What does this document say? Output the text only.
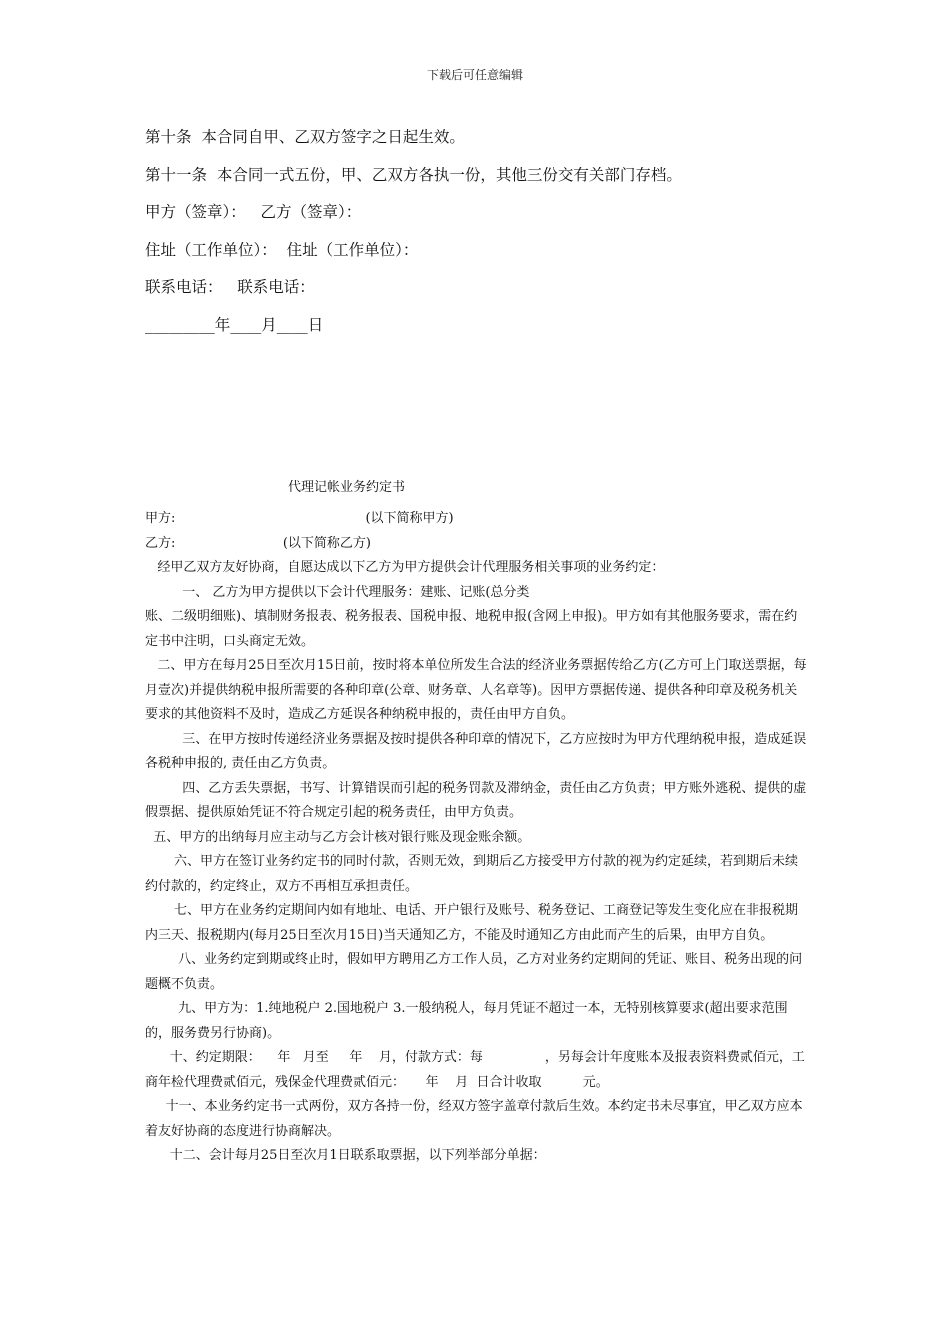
下载后可任意编辑

第十条  本合同自甲、乙双方签字之日起生效。

第十一条  本合同一式五份，甲、乙双方各执一份，其他三份交有关部门存档。

甲方（签章）：   乙方（签章）：

住址（工作单位）：  住址（工作单位）：

联系电话：   联系电话：

_________年____月____日

代理记帐业务约定书

甲方:                                              (以下简称甲方)

乙方:                          (以下简称乙方)

经甲乙双方友好协商，自愿达成以下乙方为甲方提供会计代理服务相关事项的业务约定：

一、 乙方为甲方提供以下会计代理服务：建账、记账(总分类

账、二级明细账)、填制财务报表、税务报表、国税申报、地税申报(含网上申报)。甲方如有其他服务要求，需在约定书中注明，口头商定无效。

二、甲方在每月25日至次月15日前，按时将本单位所发生合法的经济业务票据传给乙方(乙方可上门取送票据，每月壹次)并提供纳税申报所需要的各种印章(公章、财务章、人名章等)。因甲方票据传递、提供各种印章及税务机关要求的其他资料不及时，造成乙方延误各种纳税申报的，责任由甲方自负。

三、在甲方按时传递经济业务票据及按时提供各种印章的情况下，乙方应按时为甲方代理纳税申报，造成延误各税种申报的, 责任由乙方负责。

四、乙方丢失票据，书写、计算错误而引起的税务罚款及滞纳金，责任由乙方负责；甲方账外逃税、提供的虚假票据、提供原始凭证不符合规定引起的税务责任，由甲方负责。

五、甲方的出纳每月应主动与乙方会计核对银行账及现金账余额。

六、甲方在签订业务约定书的同时付款，否则无效，到期后乙方接受甲方付款的视为约定延续，若到期后未续约付款的，约定终止，双方不再相互承担责任。

七、甲方在业务约定期间内如有地址、电话、开户银行及账号、税务登记、工商登记等发生变化应在非报税期内三天、报税期内(每月25日至次月15日)当天通知乙方，不能及时通知乙方由此而产生的后果，由甲方自负。

八、业务约定到期或终止时，假如甲方聘用乙方工作人员，乙方对业务约定期间的凭证、账目、税务出现的问题概不负责。

九、甲方为：1.纯地税户 2.国地税户 3.一般纳税人，每月凭证不超过一本，无特别核算要求(超出要求范围的，服务费另行协商)。

十、约定期限：    年   月至     年    月，付款方式：每               ，另每会计年度账本及报表资料费贰佰元，工商年检代理费贰佰元，残保金代理费贰佰元：     年    月  日合计收取          元。

十一、本业务约定书一式两份，双方各持一份，经双方签字盖章付款后生效。本约定书未尽事宜，甲乙双方应本着友好协商的态度进行协商解决。

十二、会计每月25日至次月1日联系取票据，以下列举部分单据：
